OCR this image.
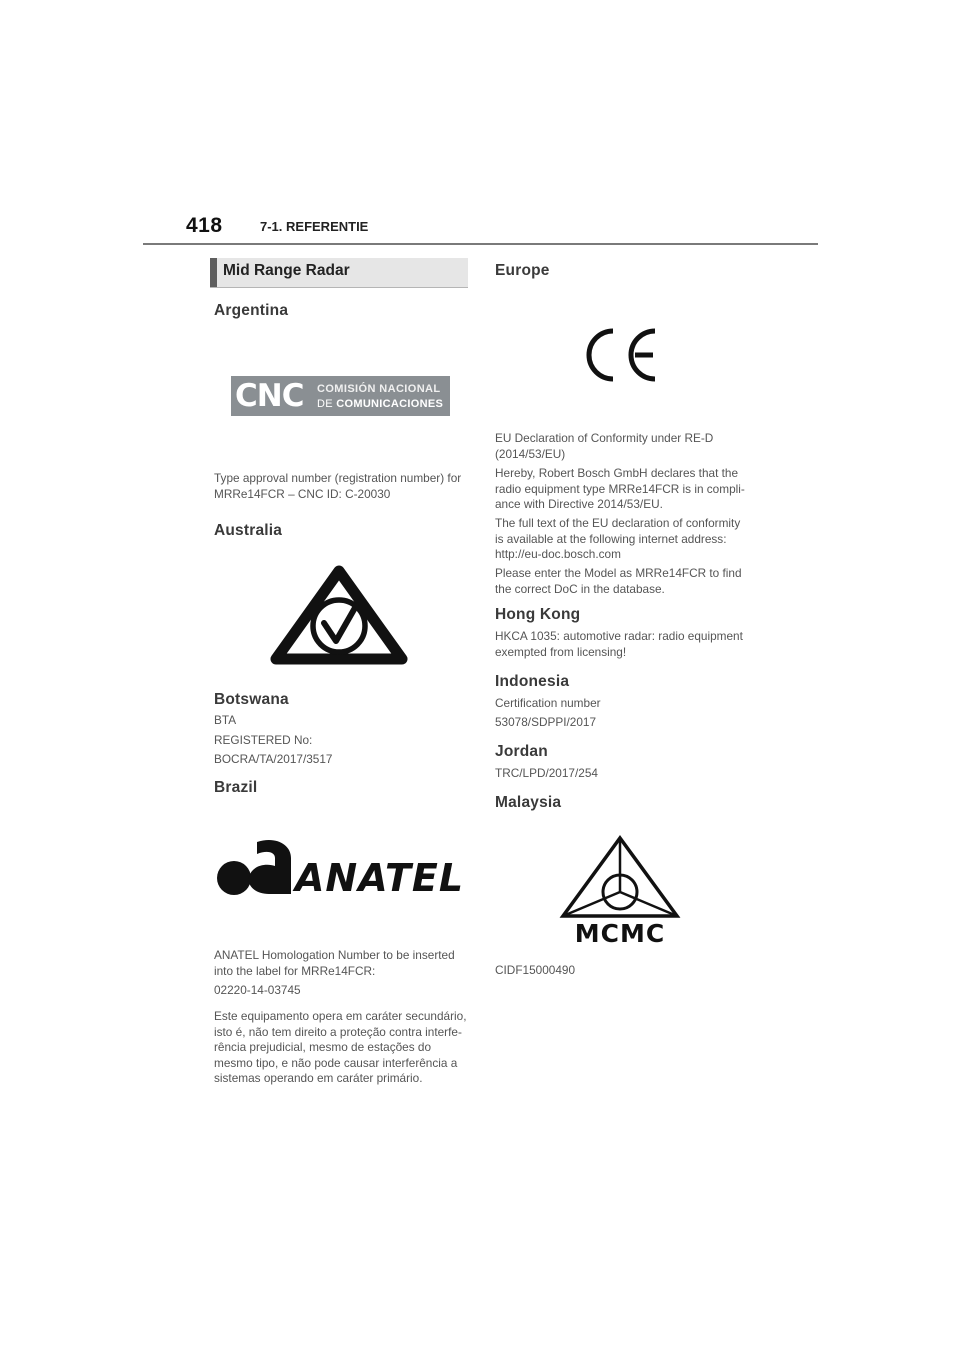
418	7-1. REFERENTIE
Mid Range Radar
Argentina
CNC COMISIÓN NACIONAL
DE COMUNICACIONES
Type approval number (registration number) for
MRRe14FCR – CNC ID: C-20030
Australia
Botswana
BTA
REGISTERED No:
BOCRA/TA/2017/3517
Brazil
ANATEL
ANATEL Homologation Number to be inserted
into the label for MRRe14FCR:
02220-14-03745
Este equipamento opera em caráter secundário,
isto é, não tem direito a proteção contra interfe-
rência prejudicial, mesmo de estações do
mesmo tipo, e não pode causar interferência a
sistemas operando em caráter primário.
Europe
EU Declaration of Conformity under RE-D
(2014/53/EU)
Hereby, Robert Bosch GmbH declares that the
radio equipment type MRRe14FCR is in compli-
ance with Directive 2014/53/EU.
The full text of the EU declaration of conformity
is available at the following internet address:
http://eu-doc.bosch.com
Please enter the Model as MRRe14FCR to find
the correct DoC in the database.
Hong Kong
HKCA 1035: automotive radar: radio equipment
exempted from licensing!
Indonesia
Certification number
53078/SDPPI/2017
Jordan
TRC/LPD/2017/254
Malaysia
MCMC
CIDF15000490
